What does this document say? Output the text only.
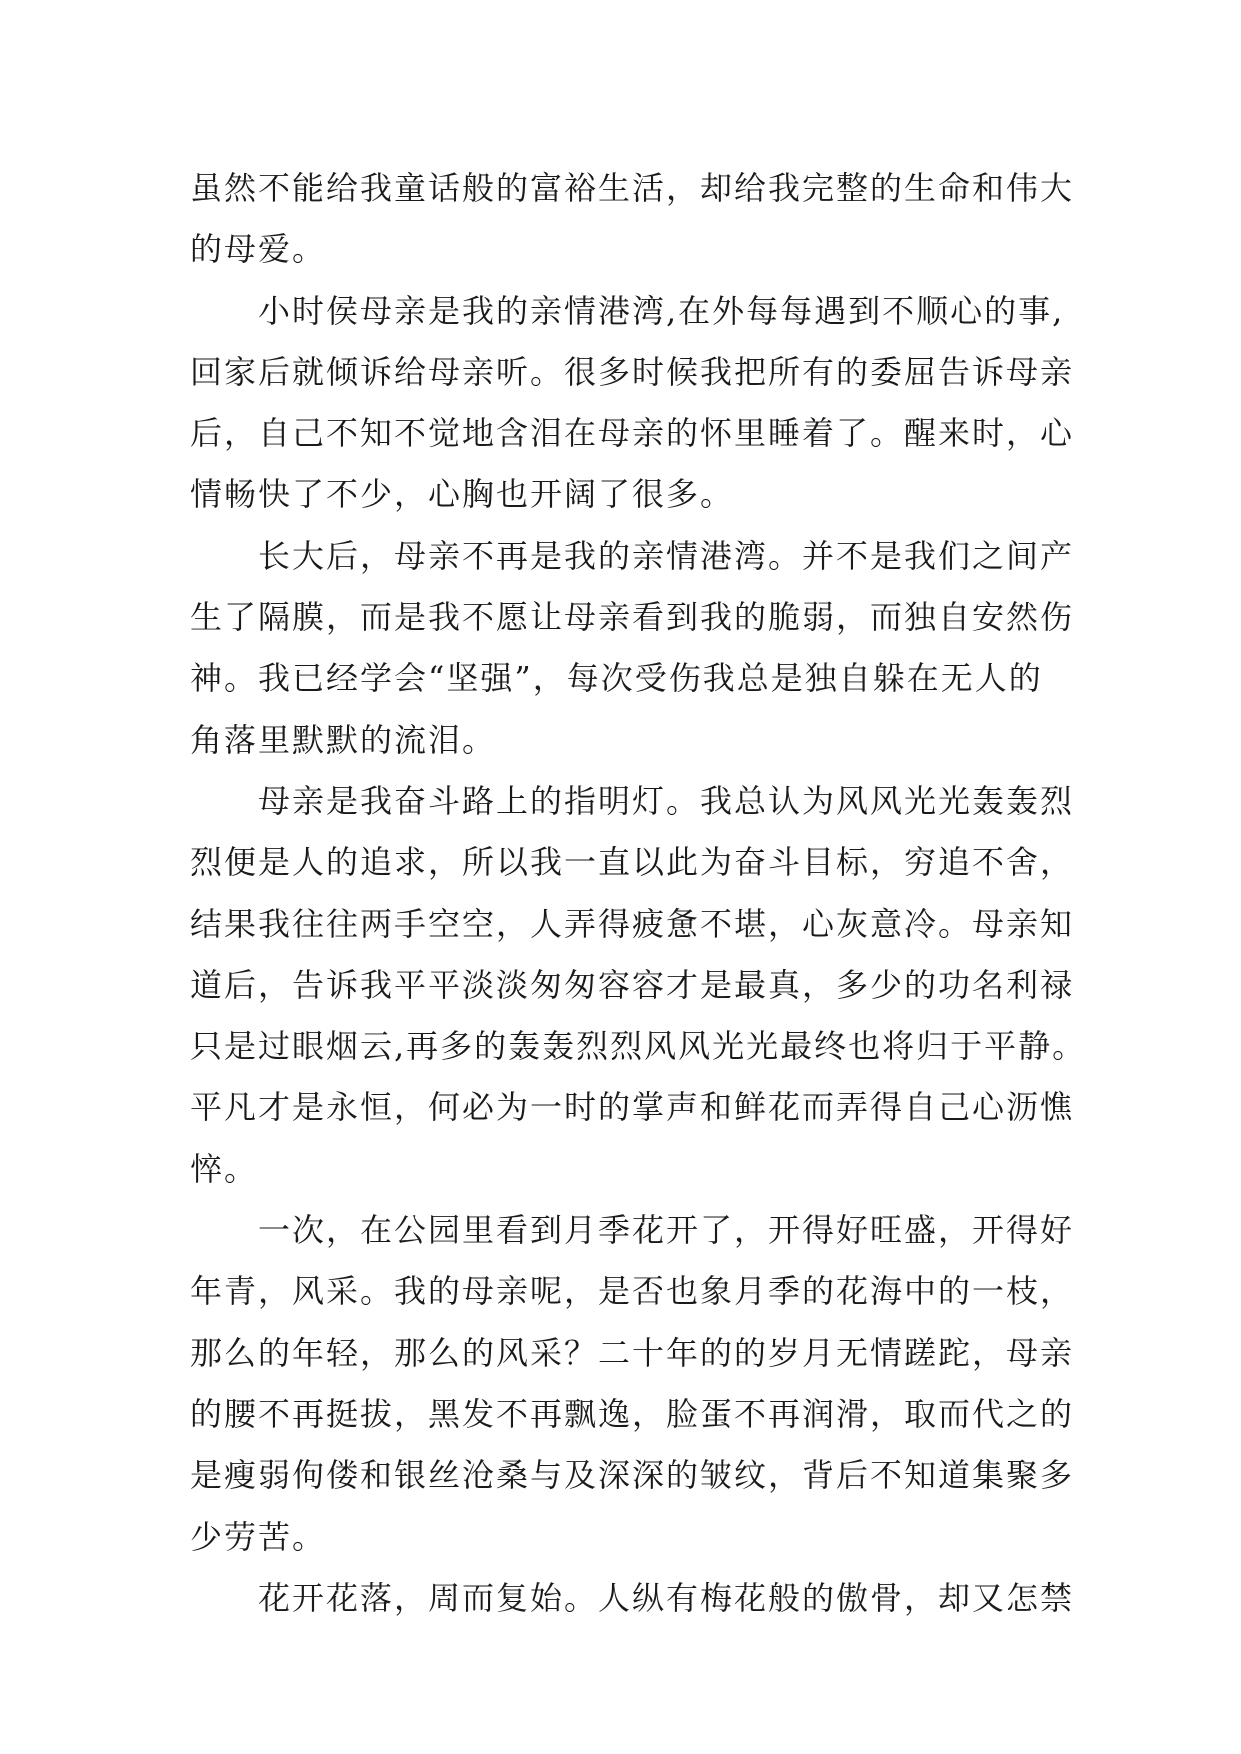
虽然不能给我童话般的富裕生活，却给我完整的生命和伟大
的母爱。
小时侯母亲是我的亲情港湾,在外每每遇到不顺心的事,
回家后就倾诉给母亲听。很多时候我把所有的委屈告诉母亲
后，自己不知不觉地含泪在母亲的怀里睡着了。醒来时，心
情畅快了不少，心胸也开阔了很多。
长大后，母亲不再是我的亲情港湾。并不是我们之间产
生了隔膜，而是我不愿让母亲看到我的脆弱，而独自安然伤
神。我已经学会“坚强”，每次受伤我总是独自躲在无人的
角落里默默的流泪。
母亲是我奋斗路上的指明灯。我总认为风风光光轰轰烈
烈便是人的追求，所以我一直以此为奋斗目标，穷追不舍，
结果我往往两手空空，人弄得疲惫不堪，心灰意冷。母亲知
道后，告诉我平平淡淡匆匆容容才是最真，多少的功名利禄
只是过眼烟云,再多的轰轰烈烈风风光光最终也将归于平静。
平凡才是永恒，何必为一时的掌声和鲜花而弄得自己心沥憔
悴。
一次，在公园里看到月季花开了，开得好旺盛，开得好
年青，风采。我的母亲呢，是否也象月季的花海中的一枝，
那么的年轻，那么的风采？二十年的的岁月无情蹉跎，母亲
的腰不再挺拔，黑发不再飘逸，脸蛋不再润滑，取而代之的
是瘦弱佝偻和银丝沧桑与及深深的皱纹，背后不知道集聚多
少劳苦。
花开花落，周而复始。人纵有梅花般的傲骨，却又怎禁
